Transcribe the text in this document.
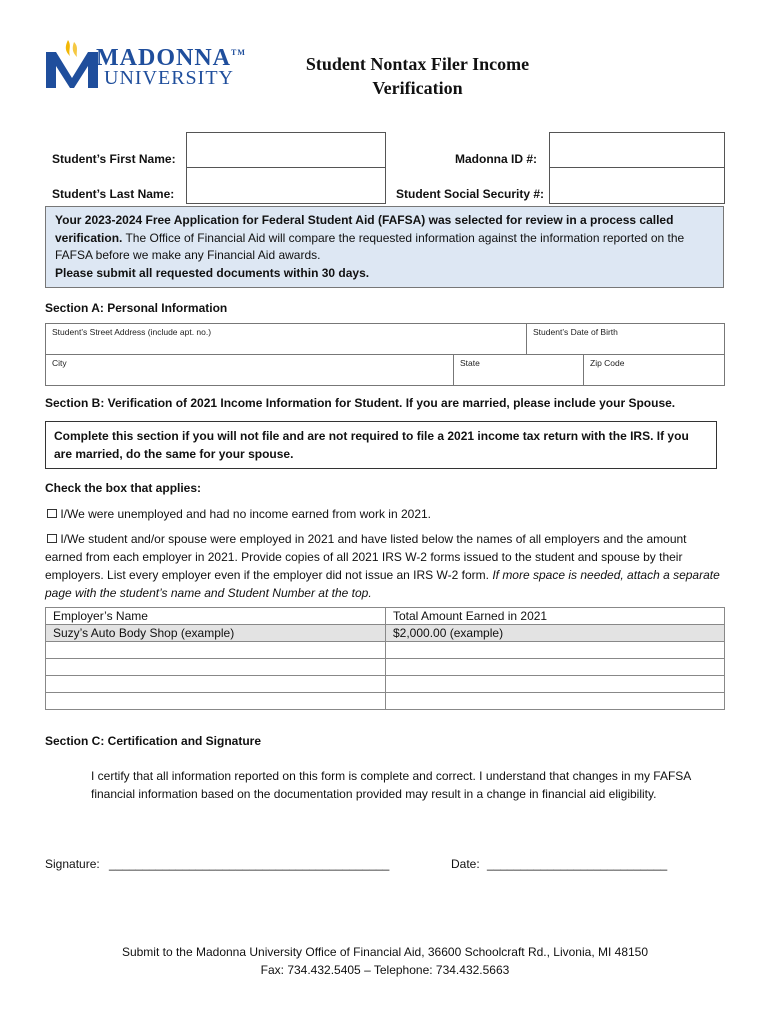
MADONNA™
UNIVERSITY
Student Nontax Filer Income
Verification
Student’s First Name:
Student’s Last Name:
Madonna ID #:
Student Social Security #:
Your 2023-2024 Free Application for Federal Student Aid (FAFSA) was selected for review in a process called verification. The Office of Financial Aid will compare the requested information against the information reported on the FAFSA before we make any Financial Aid awards.
Please submit all requested documents within 30 days.
Section A: Personal Information
Student’s Street Address (include apt. no.)	Student’s Date of Birth
City	State	Zip Code
Section B: Verification of 2021 Income Information for Student. If you are married, please include your Spouse.
Complete this section if you will not file and are not required to file a 2021 income tax return with the IRS. If you are married, do the same for your spouse.
Check the box that applies:
I/We were unemployed and had no income earned from work in 2021.
I/We student and/or spouse were employed in 2021 and have listed below the names of all employers and the amount earned from each employer in 2021. Provide copies of all 2021 IRS W-2 forms issued to the student and spouse by their employers. List every employer even if the employer did not issue an IRS W-2 form. If more space is needed, attach a separate page with the student’s name and Student Number at the top.
Employer’s Name	Total Amount Earned in 2021
Suzy’s Auto Body Shop (example)	$2,000.00 (example)

Section C: Certification and Signature
I certify that all information reported on this form is complete and correct. I understand that changes in my FAFSA financial information based on the documentation provided may result in a change in financial aid eligibility.
Signature: __________________________________________	Date: ___________________________
Submit to the Madonna University Office of Financial Aid, 36600 Schoolcraft Rd., Livonia, MI 48150
Fax: 734.432.5405 – Telephone: 734.432.5663
